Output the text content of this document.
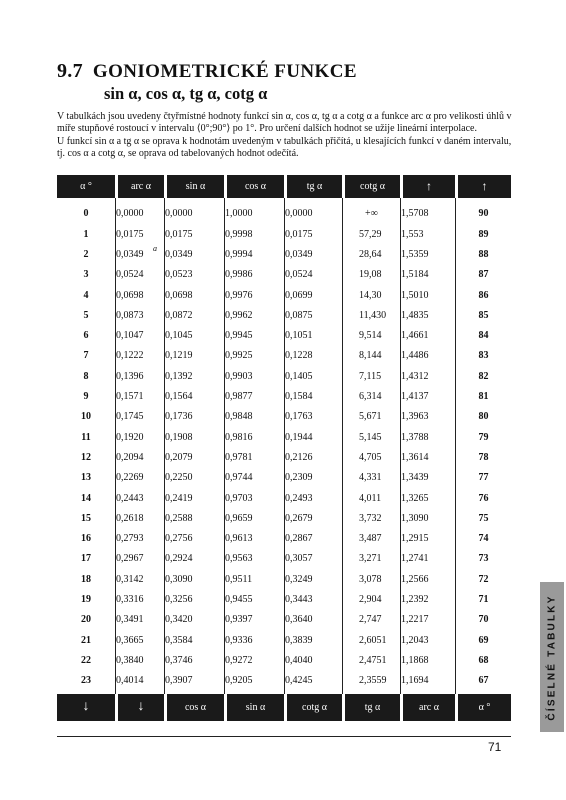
9.7 GONIOMETRICKÉ FUNKCE
sin α, cos α, tg α, cotg α

V tabulkách jsou uvedeny čtyřmístné hodnoty funkcí sin α, cos α, tg α a cotg α a funkce arc α pro velikosti úhlů v míře stupňové rostoucí v intervalu ⟨0°;90°⟩ po 1°. Pro určení dalších hodnot se užije lineární interpolace.

U funkcí sin α a tg α se oprava k hodnotám uvedeným v tabulkách přičítá, u klesajících funkcí v daném intervalu, tj. cos α a cotg α, se oprava od tabelovaných hodnot odečítá.

α °	arc α	sin α	cos α	tg α	cotg α	↑	↑
0	0,0000	0,0000	1,0000	0,0000	+∞	1,5708	90
1	0,0175	0,0175	0,9998	0,0175	57,29	1,553	89
2	0,0349	0,0349	0,9994	0,0349	28,64	1,5359	88
3	0,0524	0,0523	0,9986	0,0524	19,08	1,5184	87
4	0,0698	0,0698	0,9976	0,0699	14,30	1,5010	86
5	0,0873	0,0872	0,9962	0,0875	11,430	1,4835	85
6	0,1047	0,1045	0,9945	0,1051	9,514	1,4661	84
7	0,1222	0,1219	0,9925	0,1228	8,144	1,4486	83
8	0,1396	0,1392	0,9903	0,1405	7,115	1,4312	82
9	0,1571	0,1564	0,9877	0,1584	6,314	1,4137	81
10	0,1745	0,1736	0,9848	0,1763	5,671	1,3963	80
11	0,1920	0,1908	0,9816	0,1944	5,145	1,3788	79
12	0,2094	0,2079	0,9781	0,2126	4,705	1,3614	78
13	0,2269	0,2250	0,9744	0,2309	4,331	1,3439	77
14	0,2443	0,2419	0,9703	0,2493	4,011	1,3265	76
15	0,2618	0,2588	0,9659	0,2679	3,732	1,3090	75
16	0,2793	0,2756	0,9613	0,2867	3,487	1,2915	74
17	0,2967	0,2924	0,9563	0,3057	3,271	1,2741	73
18	0,3142	0,3090	0,9511	0,3249	3,078	1,2566	72
19	0,3316	0,3256	0,9455	0,3443	2,904	1,2392	71
20	0,3491	0,3420	0,9397	0,3640	2,747	1,2217	70
21	0,3665	0,3584	0,9336	0,3839	2,6051	1,2043	69
22	0,3840	0,3746	0,9272	0,4040	2,4751	1,1868	68
23	0,4014	0,3907	0,9205	0,4245	2,3559	1,1694	67
↓	↓	cos α	sin α	cotg α	tg α	arc α	α °
a
71
ČÍSELNÉ TABULKY
